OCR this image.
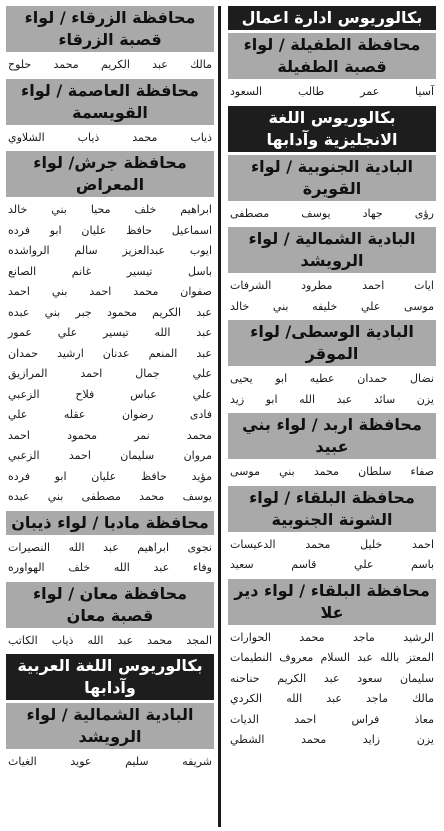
بكالوريوس ادارة اعمال
محافظة الطفيلة / لواء قصبة الطفيلة
آسيا عمر طالب السعود
بكالوريوس اللغة الانجليزية وآدابها
البادية الجنوبية / لواء القويرة
رؤى جهاد يوسف مصطفى
البادية الشمالية / لواء الرويشد
ايات احمد مطرود الشرفات
موسى علي خليفه بني خالد
البادية الوسطى/ لواء الموقر
نضال حمدان عطيه ابو يحيى
يزن سائد عبد الله ابو زيد
محافظة اربد / لواء بني عبيد
صفاء سلطان محمد بني موسى
محافظة البلقاء / لواء الشونة الجنوبية
احمد خليل محمد الدعيسات
باسم علي قاسم سعيد
محافظة البلقاء / لواء دير علا
الرشيد ماجد محمد الحوارات
المعتز بالله عبد السلام معروف النطيمات
سليمان سعود عبد الكريم حناحنه
مالك ماجد عبد الله الكردي
معاذ فراس احمد الديات
يزن زايد محمد الشطي
محافظة الزرقاء / لواء قصبة الزرقاء
مالك عبد الكريم محمد حلوح
محافظة العاصمة / لواء القويسمة
ذياب محمد ذياب الشلاوي
محافظة جرش/ لواء المعراض
ابراهيم خلف محيا بني خالد
اسماعيل حافظ عليان ابو فرده
ايوب عبدالعزيز سالم الرواشده
باسل تيسير غانم الصانع
صفوان محمد احمد بني احمد
عبد الكريم محمود جبر بني عبده
عبد الله تيسير علي عمور
عبد المنعم عدنان ارشيد حمدان
علي جمال احمد المرازيق
علي عباس فلاح الزعبي
فادى رضوان عقله علي
محمد نمر محمود احمد
مروان سليمان احمد الزعبي
مؤيد حافظ عليان ابو فرده
يوسف محمد مصطفى بني عبده
محافظة مادبا / لواء ذيبان
نجوى ابراهيم عبد الله النصيرات
وفاء عبد الله خلف الهواوره
محافظة معان / لواء قصبة معان
المجد محمد عبد الله ذياب الكاتب
بكالوريوس اللغة العربية وآدابها
البادية الشمالية / لواء الرويشد
شريفه سليم عويد الغياث
